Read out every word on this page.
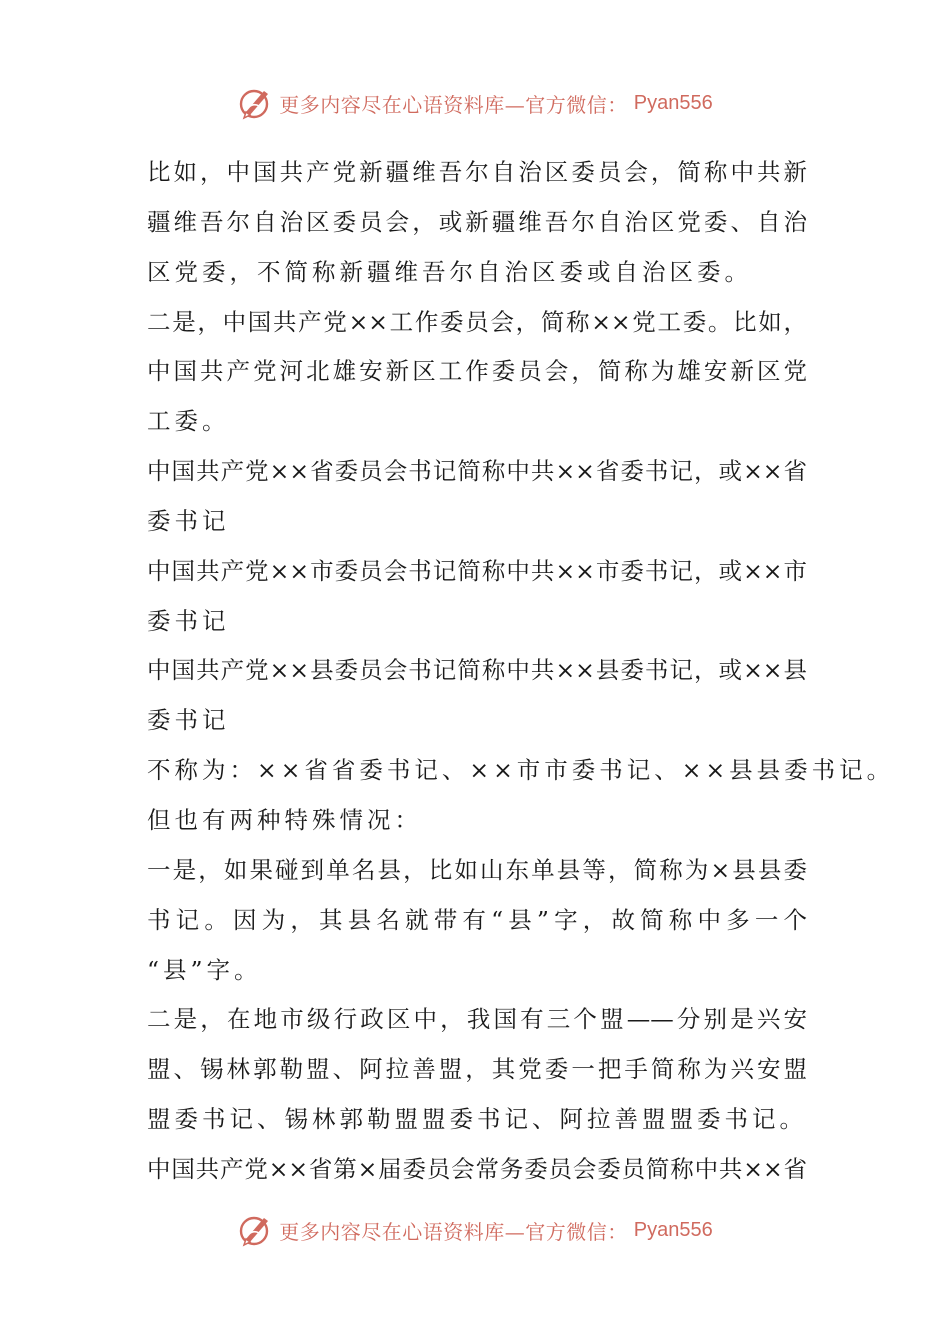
更多内容尽在心语资料库—官方微信： Pyan556
比如，中国共产党新疆维吾尔自治区委员会，简称中共新
疆维吾尔自治区委员会，或新疆维吾尔自治区党委、自治
区党委，不简称新疆维吾尔自治区委或自治区委。
二是，中国共产党××工作委员会，简称××党工委。比如，
中国共产党河北雄安新区工作委员会，简称为雄安新区党
工委。
中国共产党××省委员会书记简称中共××省委书记，或××省
委书记
中国共产党××市委员会书记简称中共××市委书记，或××市
委书记
中国共产党××县委员会书记简称中共××县委书记，或××县
委书记
不称为：××省省委书记、××市市委书记、××县县委书记。
但也有两种特殊情况：
一是，如果碰到单名县，比如山东单县等，简称为×县县委
书记。因为，其县名就带有“县”字，故简称中多一个
“县”字。
二是，在地市级行政区中，我国有三个盟——分别是兴安
盟、锡林郭勒盟、阿拉善盟，其党委一把手简称为兴安盟
盟委书记、锡林郭勒盟盟委书记、阿拉善盟盟委书记。
中国共产党××省第×届委员会常务委员会委员简称中共××省
更多内容尽在心语资料库—官方微信： Pyan556
